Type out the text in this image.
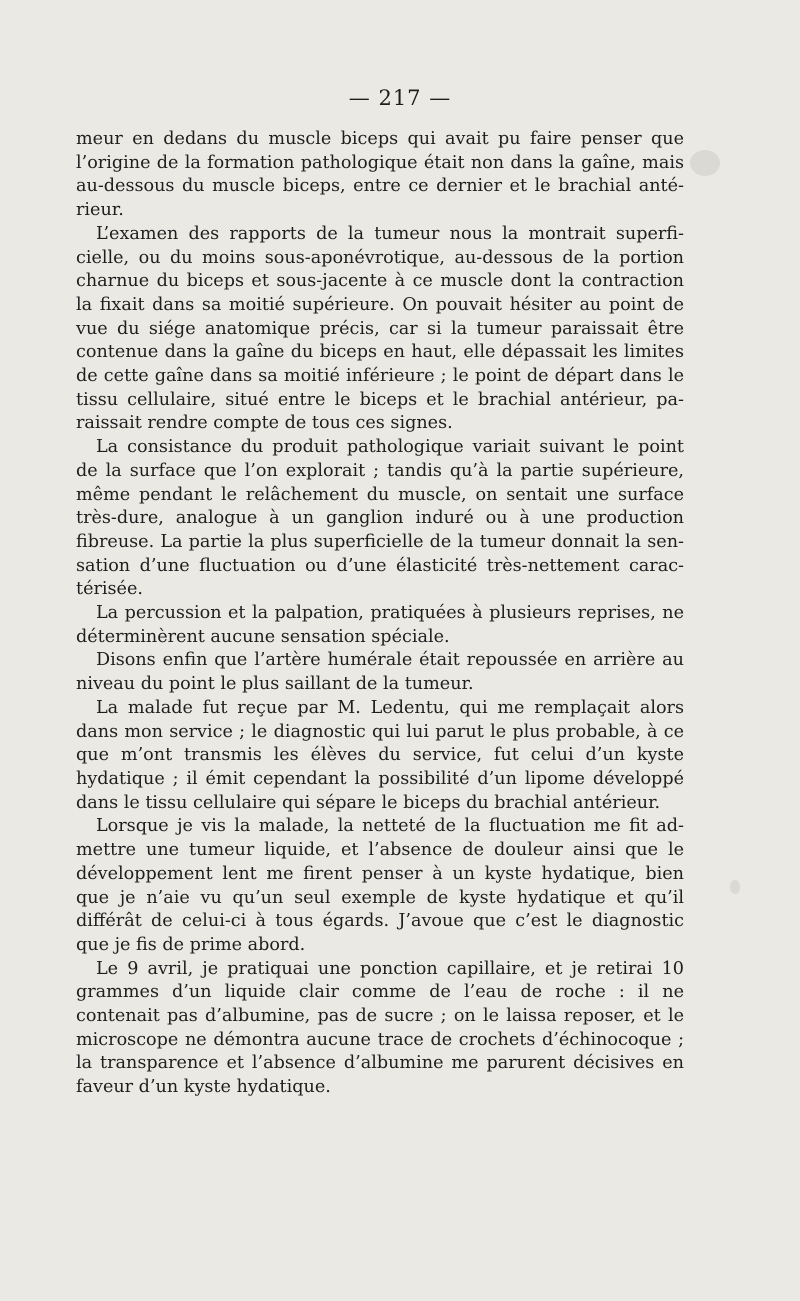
— 217 —

meur en dedans du muscle biceps qui avait pu faire penser que l’origine de la formation pathologique était non dans la gaîne, mais au-dessous du muscle biceps, entre ce dernier et le brachial anté-rieur.

L’examen des rapports de la tumeur nous la montrait superfi-cielle, ou du moins sous-aponévrotique, au-dessous de la portion charnue du biceps et sous-jacente à ce muscle dont la contraction la fixait dans sa moitié supérieure. On pouvait hésiter au point de vue du siége anatomique précis, car si la tumeur paraissait être contenue dans la gaîne du biceps en haut, elle dépassait les limites de cette gaîne dans sa moitié inférieure ; le point de départ dans le tissu cellulaire, situé entre le biceps et le brachial antérieur, pa-raissait rendre compte de tous ces signes.

La consistance du produit pathologique variait suivant le point de la surface que l’on explorait ; tandis qu’à la partie supérieure, même pendant le relâchement du muscle, on sentait une surface très-dure, analogue à un ganglion induré ou à une production fibreuse. La partie la plus superficielle de la tumeur donnait la sen-sation d’une fluctuation ou d’une élasticité très-nettement carac-térisée.

La percussion et la palpation, pratiquées à plusieurs reprises, ne déterminèrent aucune sensation spéciale.

Disons enfin que l’artère humérale était repoussée en arrière au niveau du point le plus saillant de la tumeur.

La malade fut reçue par M. Ledentu, qui me remplaçait alors dans mon service ; le diagnostic qui lui parut le plus probable, à ce que m’ont transmis les élèves du service, fut celui d’un kyste hydatique ; il émit cependant la possibilité d’un lipome développé dans le tissu cellulaire qui sépare le biceps du brachial antérieur.

Lorsque je vis la malade, la netteté de la fluctuation me fit ad-mettre une tumeur liquide, et l’absence de douleur ainsi que le développement lent me firent penser à un kyste hydatique, bien que je n’aie vu qu’un seul exemple de kyste hydatique et qu’il différât de celui-ci à tous égards. J’avoue que c’est le diagnostic que je fis de prime abord.

Le 9 avril, je pratiquai une ponction capillaire, et je retirai 10 grammes d’un liquide clair comme de l’eau de roche : il ne contenait pas d’albumine, pas de sucre ; on le laissa reposer, et le microscope ne démontra aucune trace de crochets d’échinocoque ; la transparence et l’absence d’albumine me parurent décisives en faveur d’un kyste hydatique.
